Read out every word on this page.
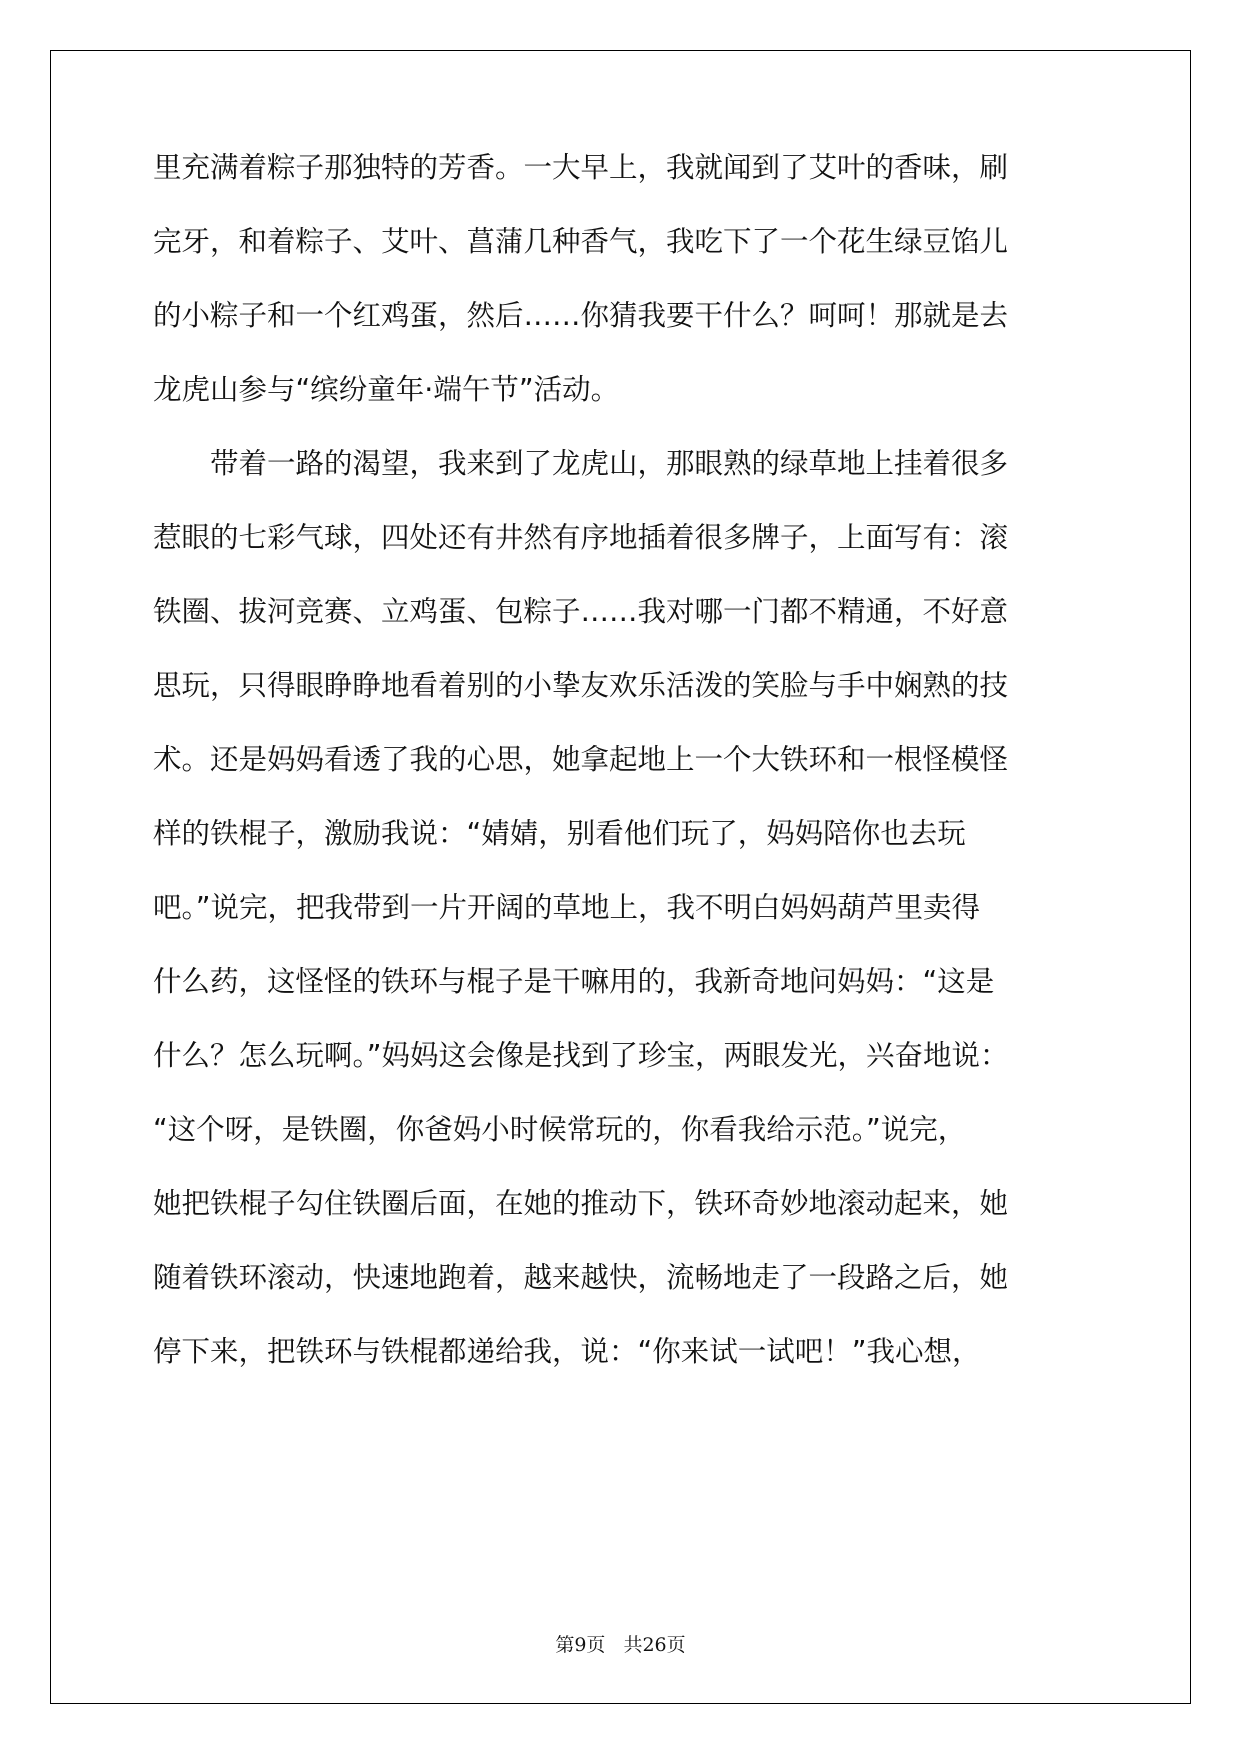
里充满着粽子那独特的芳香。一大早上，我就闻到了艾叶的香味，刷

完牙，和着粽子、艾叶、菖蒲几种香气，我吃下了一个花生绿豆馅儿

的小粽子和一个红鸡蛋，然后……你猜我要干什么？呵呵！那就是去

龙虎山参与“缤纷童年·端午节”活动。

　　带着一路的渴望，我来到了龙虎山，那眼熟的绿草地上挂着很多

惹眼的七彩气球，四处还有井然有序地插着很多牌子，上面写有：滚

铁圈、拔河竞赛、立鸡蛋、包粽子……我对哪一门都不精通，不好意

思玩，只得眼睁睁地看着别的小挚友欢乐活泼的笑脸与手中娴熟的技

术。还是妈妈看透了我的心思，她拿起地上一个大铁环和一根怪模怪

样的铁棍子，激励我说：“婧婧，别看他们玩了，妈妈陪你也去玩

吧。”说完，把我带到一片开阔的草地上，我不明白妈妈葫芦里卖得

什么药，这怪怪的铁环与棍子是干嘛用的，我新奇地问妈妈：“这是

什么？怎么玩啊。”妈妈这会像是找到了珍宝，两眼发光，兴奋地说：

“这个呀，是铁圈，你爸妈小时候常玩的，你看我给示范。”说完，

她把铁棍子勾住铁圈后面，在她的推动下，铁环奇妙地滚动起来，她

随着铁环滚动，快速地跑着，越来越快，流畅地走了一段路之后，她

停下来，把铁环与铁棍都递给我，说：“你来试一试吧！”我心想，

第9页 共26页
